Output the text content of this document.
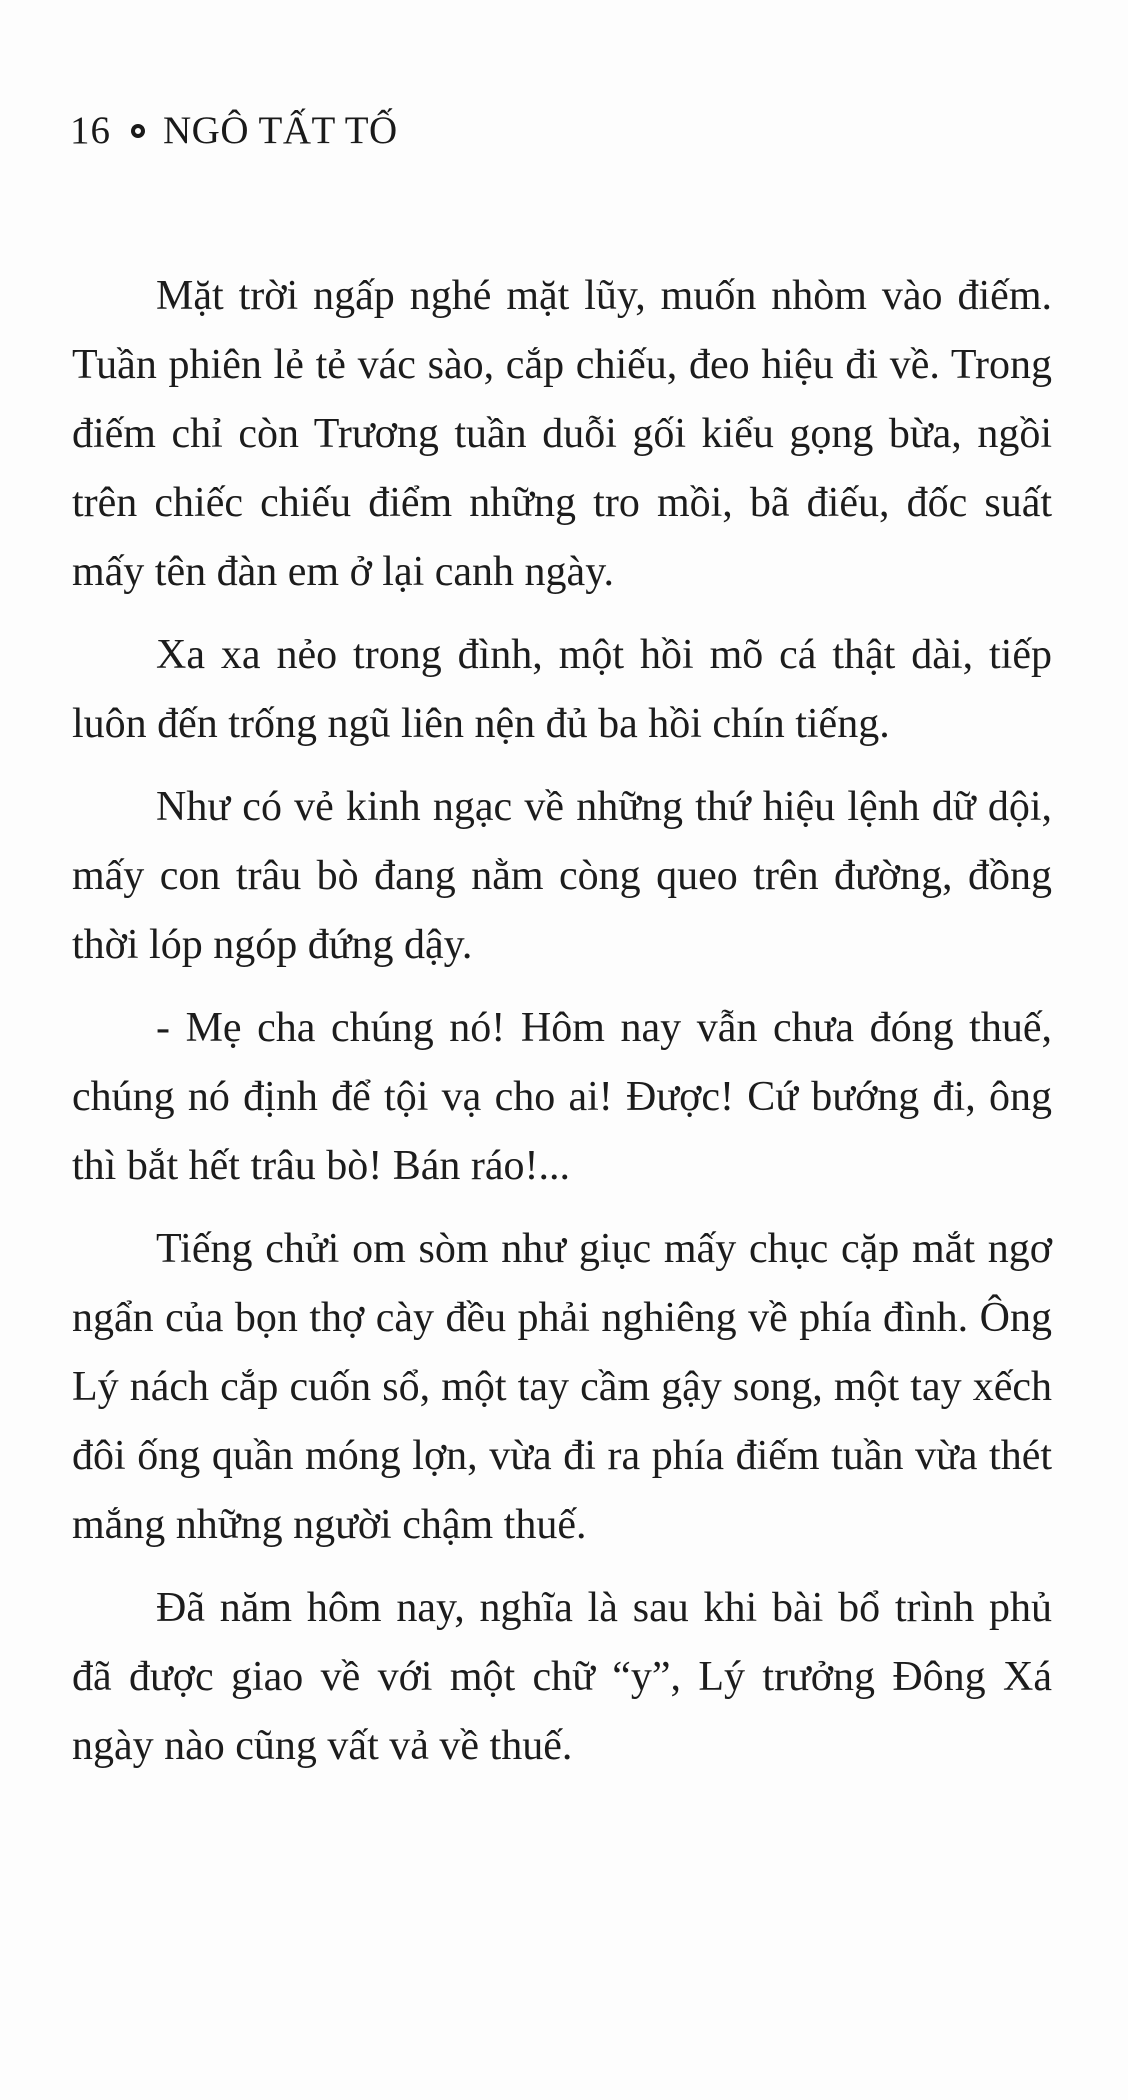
16 NGÔ TẤT TỐ

Mặt trời ngấp nghé mặt lũy, muốn nhòm vào điếm. Tuần phiên lẻ tẻ vác sào, cắp chiếu, đeo hiệu đi về. Trong điếm chỉ còn Trương tuần duỗi gối kiểu gọng bừa, ngồi trên chiếc chiếu điểm những tro mồi, bã điếu, đốc suất mấy tên đàn em ở lại canh ngày.

Xa xa nẻo trong đình, một hồi mõ cá thật dài, tiếp luôn đến trống ngũ liên nện đủ ba hồi chín tiếng.

Như có vẻ kinh ngạc về những thứ hiệu lệnh dữ dội, mấy con trâu bò đang nằm còng queo trên đường, đồng thời lóp ngóp đứng dậy.

- Mẹ cha chúng nó! Hôm nay vẫn chưa đóng thuế, chúng nó định để tội vạ cho ai! Được! Cứ bướng đi, ông thì bắt hết trâu bò! Bán ráo!...

Tiếng chửi om sòm như giục mấy chục cặp mắt ngơ ngẩn của bọn thợ cày đều phải nghiêng về phía đình. Ông Lý nách cắp cuốn sổ, một tay cầm gậy song, một tay xếch đôi ống quần móng lợn, vừa đi ra phía điếm tuần vừa thét mắng những người chậm thuế.

Đã năm hôm nay, nghĩa là sau khi bài bổ trình phủ đã được giao về với một chữ “y”, Lý trưởng Đông Xá ngày nào cũng vất vả về thuế.
